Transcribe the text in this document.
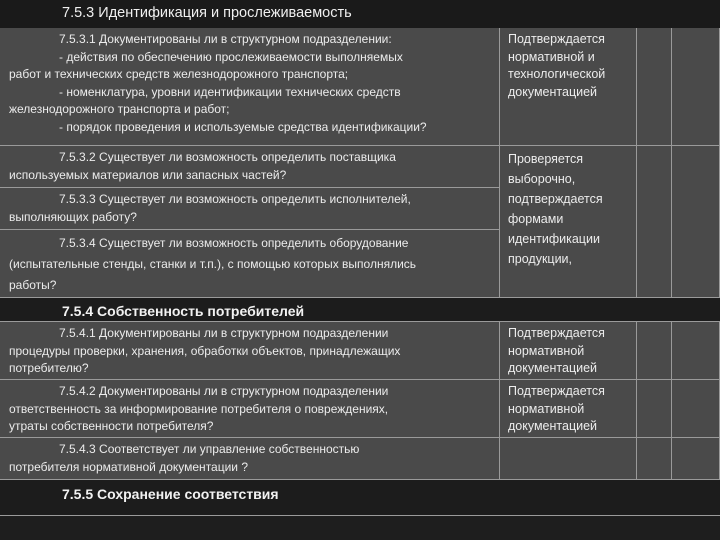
7.5.3 Идентификация и прослеживаемость
7.5.3.1 Документированы ли в структурном подразделении:
- действия по обеспечению прослеживаемости выполняемых
работ и технических средств железнодорожного транспорта;
- номенклатура, уровни идентификации технических средств
железнодорожного транспорта и работ;
- порядок проведения и используемые средства идентификации?
Подтверждается
нормативной и
технологической
документацией
7.5.3.2 Существует ли возможность определить поставщика
используемых материалов или запасных частей?
7.5.3.3 Существует ли возможность определить исполнителей,
выполняющих работу?
7.5.3.4 Существует ли возможность определить оборудование
(испытательные стенды, станки и т.п.), с помощью которых выполнялись
работы?
Проверяется
выборочно,
подтверждается
формами
идентификации
продукции,
7.5.4 Собственность потребителей
7.5.4.1 Документированы ли в структурном подразделении
процедуры проверки, хранения, обработки объектов, принадлежащих
потребителю?
Подтверждается
нормативной
документацией
7.5.4.2 Документированы ли в структурном подразделении
ответственность за информирование потребителя о повреждениях,
утраты собственности потребителя?
Подтверждается
нормативной
документацией
7.5.4.3 Соответствует ли управление собственностью
потребителя нормативной документации ?
7.5.5 Сохранение соответствия
